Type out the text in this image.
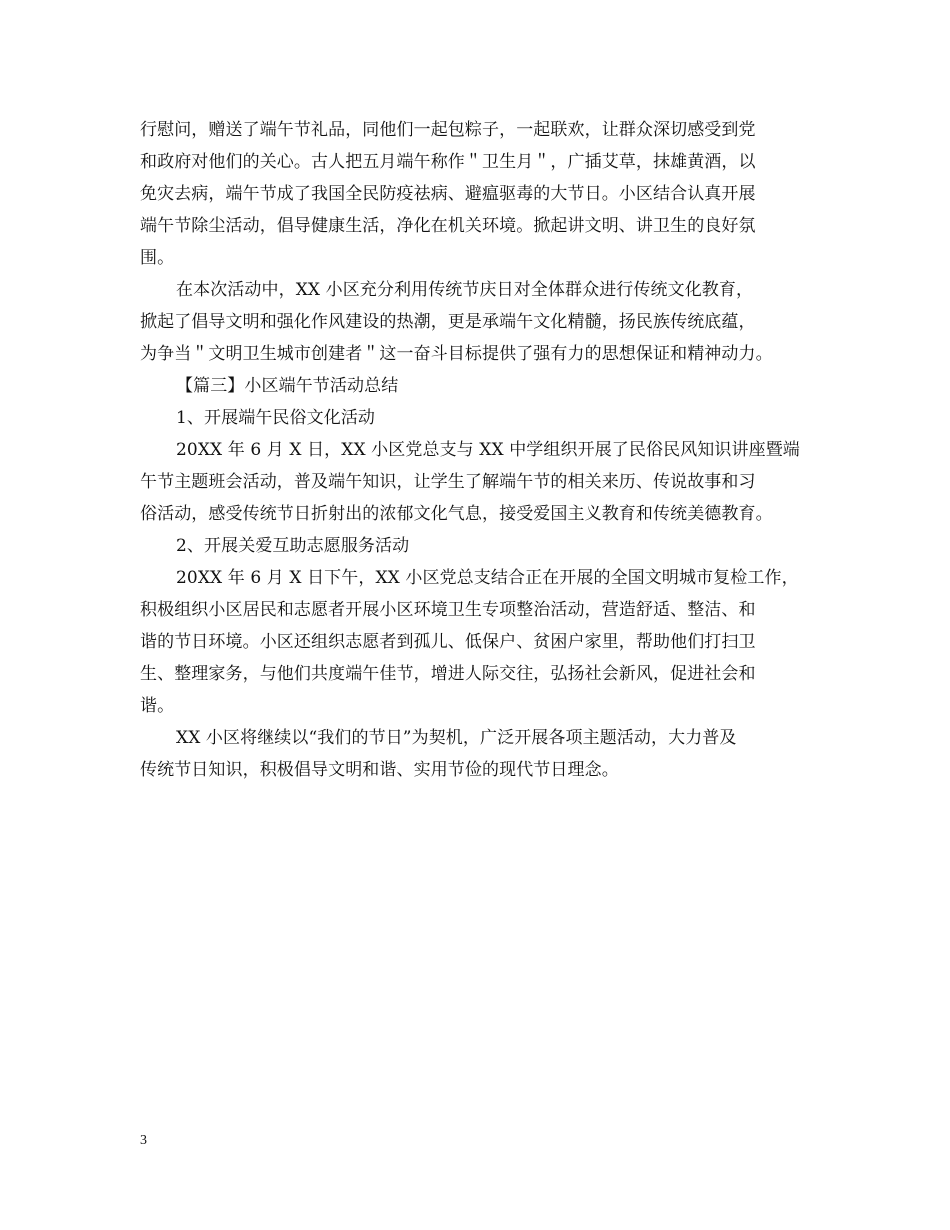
行慰问，赠送了端午节礼品，同他们一起包粽子，一起联欢，让群众深切感受到党
和政府对他们的关心。古人把五月端午称作＂卫生月＂，广插艾草，抹雄黄酒，以
免灾去病，端午节成了我国全民防疫祛病、避瘟驱毒的大节日。小区结合认真开展
端午节除尘活动，倡导健康生活，净化在机关环境。掀起讲文明、讲卫生的良好氛
围。
在本次活动中，XX 小区充分利用传统节庆日对全体群众进行传统文化教育，
掀起了倡导文明和强化作风建设的热潮，更是承端午文化精髓，扬民族传统底蕴，
为争当＂文明卫生城市创建者＂这一奋斗目标提供了强有力的思想保证和精神动力。
【篇三】小区端午节活动总结
1、开展端午民俗文化活动
20XX 年 6 月 X 日，XX 小区党总支与 XX 中学组织开展了民俗民风知识讲座暨端
午节主题班会活动，普及端午知识，让学生了解端午节的相关来历、传说故事和习
俗活动，感受传统节日折射出的浓郁文化气息，接受爱国主义教育和传统美德教育。
2、开展关爱互助志愿服务活动
20XX 年 6 月 X 日下午，XX 小区党总支结合正在开展的全国文明城市复检工作，
积极组织小区居民和志愿者开展小区环境卫生专项整治活动，营造舒适、整洁、和
谐的节日环境。小区还组织志愿者到孤儿、低保户、贫困户家里，帮助他们打扫卫
生、整理家务，与他们共度端午佳节，增进人际交往，弘扬社会新风，促进社会和
谐。
XX 小区将继续以“我们的节日”为契机，广泛开展各项主题活动，大力普及
传统节日知识，积极倡导文明和谐、实用节俭的现代节日理念。
3
